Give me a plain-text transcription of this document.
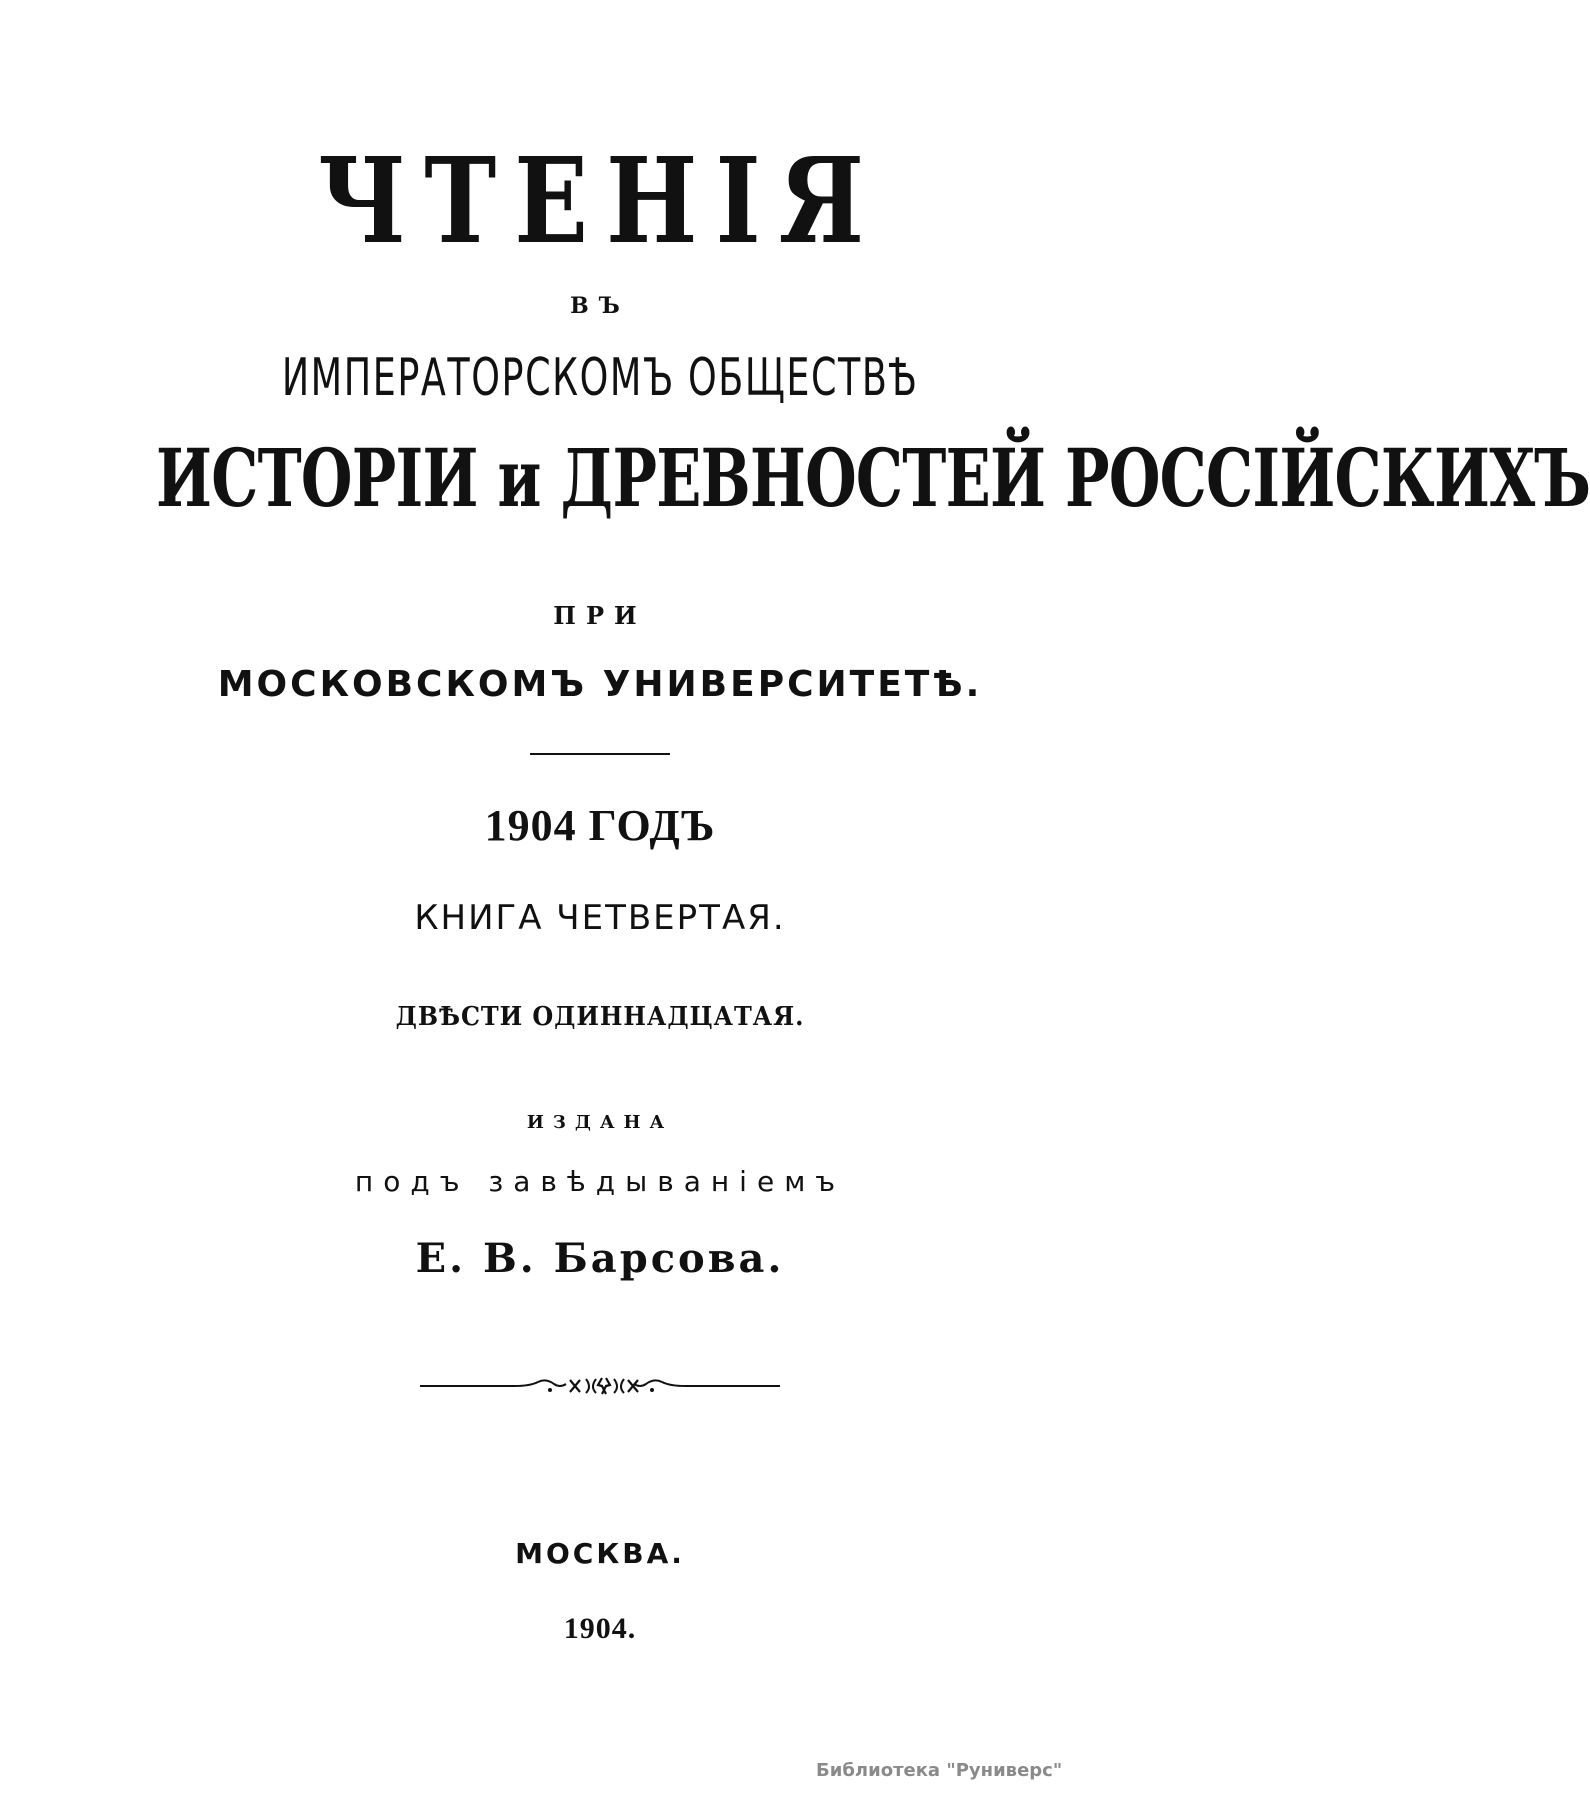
ЧТЕНІЯ
ВЪ
ИМПЕРАТОРСКОМЪ ОБЩЕСТВѢ
ИСТОРІИ и ДРЕВНОСТЕЙ РОССІЙСКИХЪ
ПРИ
МОСКОВСКОМЪ УНИВЕРСИТЕТѢ.
1904 ГОДЪ
КНИГА ЧЕТВЕРТАЯ.
ДВѢСТИ ОДИННАДЦАТАЯ.
ИЗДАНА
подъ завѣдываніемъ
Е. В. Барсова.
МОСКВА.
1904.
Библиотека "Руниверс"
